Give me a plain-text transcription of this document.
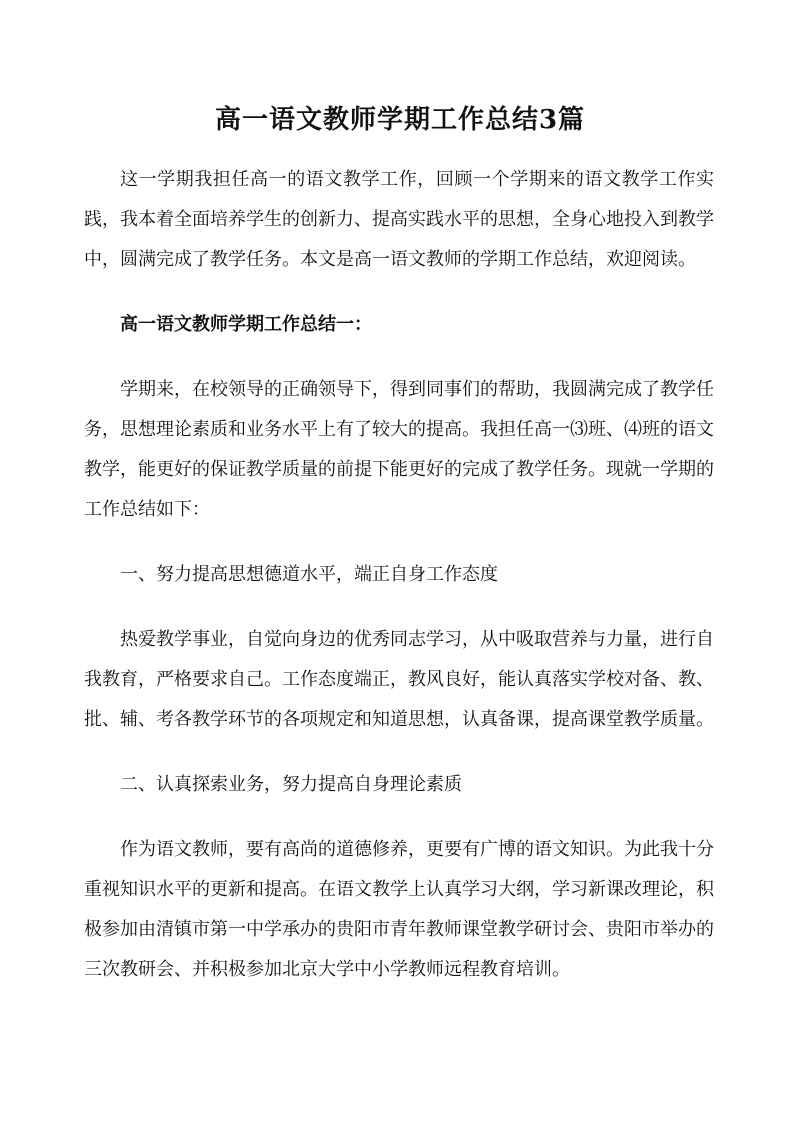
高一语文教师学期工作总结3篇

这一学期我担任高一的语文教学工作，回顾一个学期来的语文教学工作实践，我本着全面培养学生的创新力、提高实践水平的思想，全身心地投入到教学中，圆满完成了教学任务。本文是高一语文教师的学期工作总结，欢迎阅读。

高一语文教师学期工作总结一：

学期来，在校领导的正确领导下，得到同事们的帮助，我圆满完成了教学任务，思想理论素质和业务水平上有了较大的提高。我担任高一⑶班、⑷班的语文教学，能更好的保证教学质量的前提下能更好的完成了教学任务。现就一学期的工作总结如下：

一、努力提高思想德道水平，端正自身工作态度

热爱教学事业，自觉向身边的优秀同志学习，从中吸取营养与力量，进行自我教育，严格要求自己。工作态度端正，教风良好，能认真落实学校对备、教、批、辅、考各教学环节的各项规定和知道思想，认真备课，提高课堂教学质量。

二、认真探索业务，努力提高自身理论素质

作为语文教师，要有高尚的道德修养，更要有广博的语文知识。为此我十分重视知识水平的更新和提高。在语文教学上认真学习大纲，学习新课改理论，积极参加由清镇市第一中学承办的贵阳市青年教师课堂教学研讨会、贵阳市举办的三次教研会、并积极参加北京大学中小学教师远程教育培训。
